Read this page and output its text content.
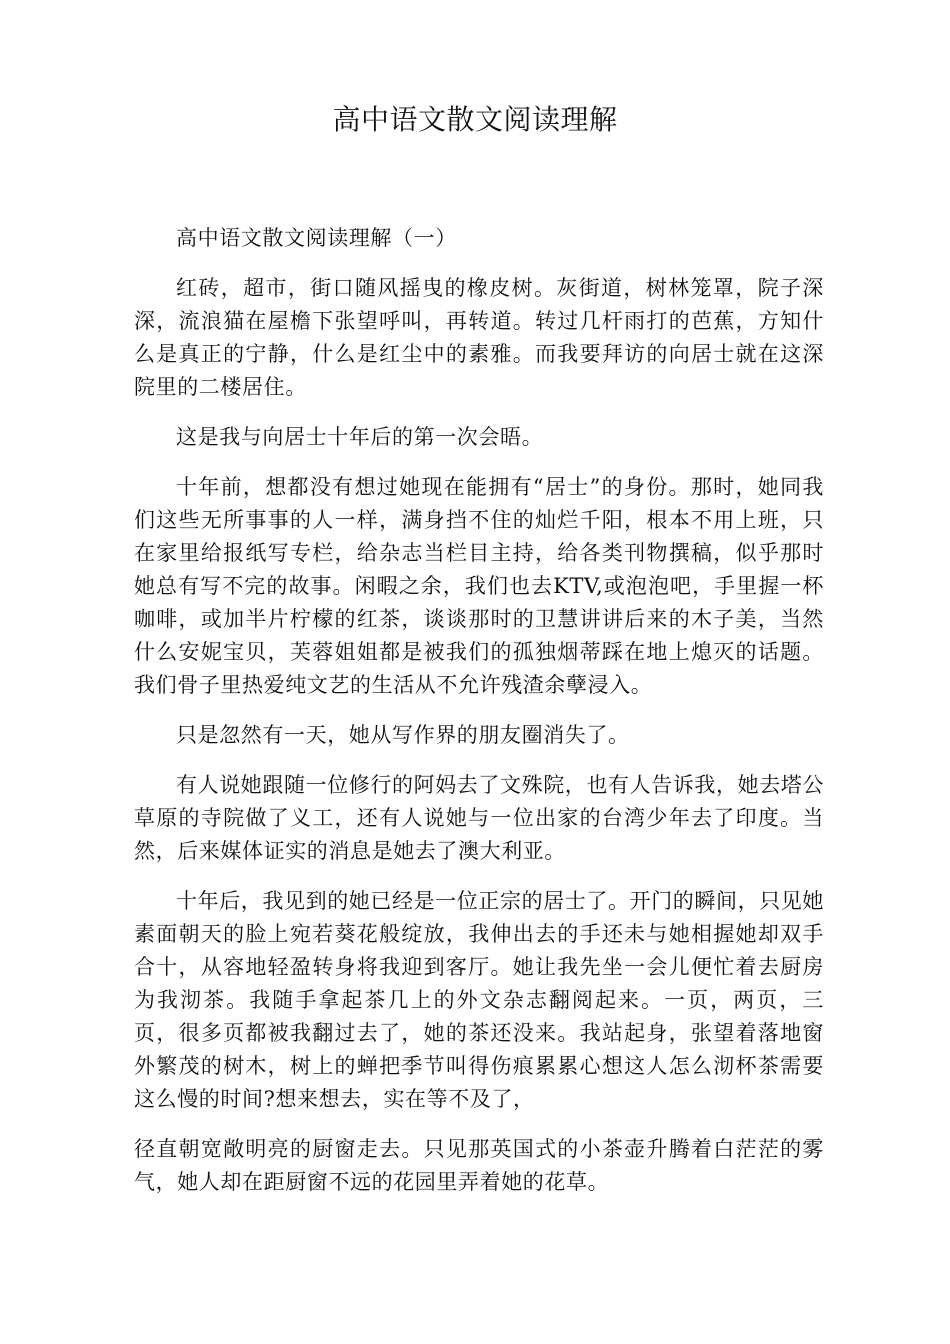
高中语文散文阅读理解

高中语文散文阅读理解（一）

红砖，超市，街口随风摇曳的橡皮树。灰街道，树林笼罩，院子深深，流浪猫在屋檐下张望呼叫，再转道。转过几杆雨打的芭蕉，方知什么是真正的宁静，什么是红尘中的素雅。而我要拜访的向居士就在这深院里的二楼居住。

这是我与向居士十年后的第一次会晤。

十年前，想都没有想过她现在能拥有“居士”的身份。那时，她同我们这些无所事事的人一样，满身挡不住的灿烂千阳，根本不用上班，只在家里给报纸写专栏，给杂志当栏目主持，给各类刊物撰稿，似乎那时她总有写不完的故事。闲暇之余，我们也去KTV,或泡泡吧，手里握一杯咖啡，或加半片柠檬的红茶，谈谈那时的卫慧讲讲后来的木子美，当然什么安妮宝贝，芙蓉姐姐都是被我们的孤独烟蒂踩在地上熄灭的话题。我们骨子里热爱纯文艺的生活从不允许残渣余孽浸入。

只是忽然有一天，她从写作界的朋友圈消失了。

有人说她跟随一位修行的阿妈去了文殊院，也有人告诉我，她去塔公草原的寺院做了义工，还有人说她与一位出家的台湾少年去了印度。当然，后来媒体证实的消息是她去了澳大利亚。

十年后，我见到的她已经是一位正宗的居士了。开门的瞬间，只见她素面朝天的脸上宛若葵花般绽放，我伸出去的手还未与她相握她却双手合十，从容地轻盈转身将我迎到客厅。她让我先坐一会儿便忙着去厨房为我沏茶。我随手拿起茶几上的外文杂志翻阅起来。一页，两页，三页，很多页都被我翻过去了，她的茶还没来。我站起身，张望着落地窗外繁茂的树木，树上的蝉把季节叫得伤痕累累心想这人怎么沏杯茶需要这么慢的时间?想来想去，实在等不及了，

径直朝宽敞明亮的厨窗走去。只见那英国式的小茶壶升腾着白茫茫的雾气，她人却在距厨窗不远的花园里弄着她的花草。
